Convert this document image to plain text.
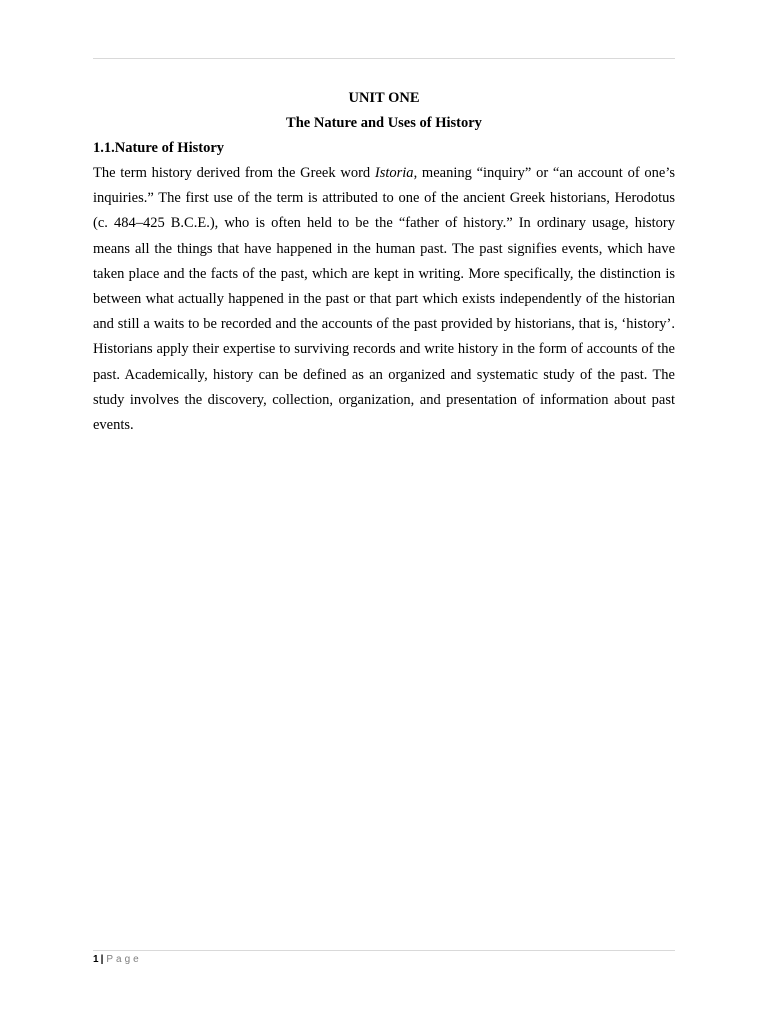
UNIT ONE

The Nature and Uses of History

1.1.Nature of History

The term history derived from the Greek word Istoria, meaning “inquiry” or “an account of one’s inquiries.” The first use of the term is attributed to one of the ancient Greek historians, Herodotus (c. 484–425 B.C.E.), who is often held to be the “father of history.” In ordinary usage, history means all the things that have happened in the human past. The past signifies events, which have taken place and the facts of the past, which are kept in writing. More specifically, the distinction is between what actually happened in the past or that part which exists independently of the historian and still a waits to be recorded and the accounts of the past provided by historians, that is, ‘history’. Historians apply their expertise to surviving records and write history in the form of accounts of the past. Academically, history can be defined as an organized and systematic study of the past. The study involves the discovery, collection, organization, and presentation of information about past events.

1 | Page
